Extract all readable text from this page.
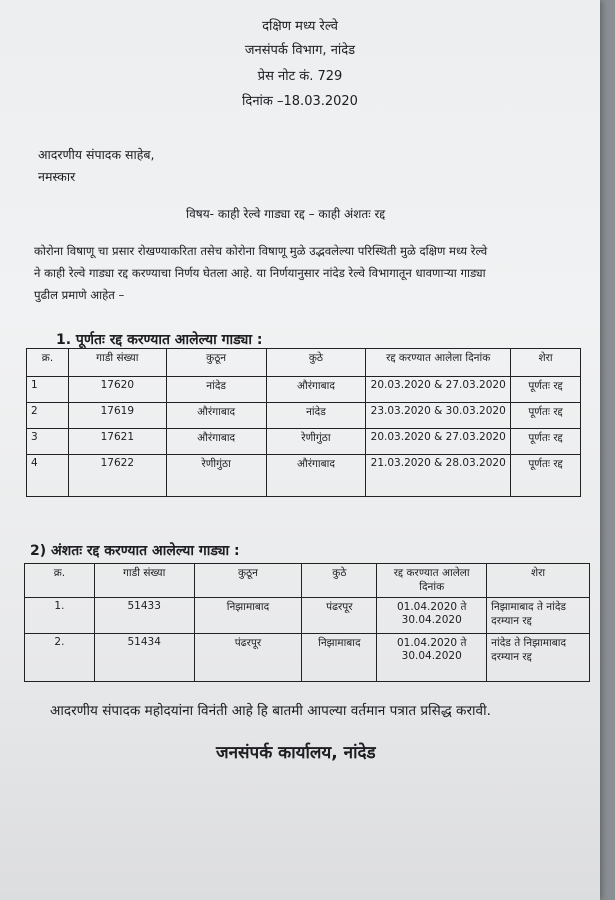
दक्षिण मध्य रेल्वे
जनसंपर्क विभाग, नांदेड
प्रेस नोट कं. 729
दिनांक –18.03.2020
आदरणीय संपादक साहेब,
नमस्कार
विषय- काही रेल्वे गाड्या रद्द – काही अंशतः रद्द
कोरोना विषाणू चा प्रसार रोखण्याकरिता तसेच कोरोना विषाणू मुळे उद्भवलेल्या परिस्थिती मुळे दक्षिण मध्य रेल्वे
ने काही रेल्वे गाड्या रद्द करण्याचा निर्णय घेतला आहे. या निर्णयानुसार नांदेड रेल्वे विभागातून धावणाऱ्या गाड्या
पुढील प्रमाणे आहेत –
1. पूर्णतः रद्द करण्यात आलेल्या गाड्या :
क्र.	गाडी संख्या	कुठून	कुठे	रद्द करण्यात आलेला दिनांक	शेरा
1	17620	नांदेड	औरंगाबाद	20.03.2020 & 27.03.2020	पूर्णतः रद्द
2	17619	औरंगाबाद	नांदेड	23.03.2020 & 30.03.2020	पूर्णतः रद्द
3	17621	औरंगाबाद	रेणीगुंठा	20.03.2020 & 27.03.2020	पूर्णतः रद्द
4	17622	रेणीगुंठा	औरंगाबाद	21.03.2020 & 28.03.2020	पूर्णतः रद्द
2) अंशतः रद्द करण्यात आलेल्या गाड्या :
क्र.	गाडी संख्या	कुठून	कुठे	रद्द करण्यात आलेला दिनांक	शेरा
1.	51433	निझामाबाद	पंढरपूर	01.04.2020 ते 30.04.2020	निझामाबाद ते नांदेड दरम्यान रद्द
2.	51434	पंढरपूर	निझामाबाद	01.04.2020 ते 30.04.2020	नांदेड ते निझामाबाद दरम्यान रद्द
आदरणीय संपादक महोदयांना विनंती आहे हि बातमी आपल्या वर्तमान पत्रात प्रसिद्ध करावी.
जनसंपर्क कार्यालय, नांदेड
